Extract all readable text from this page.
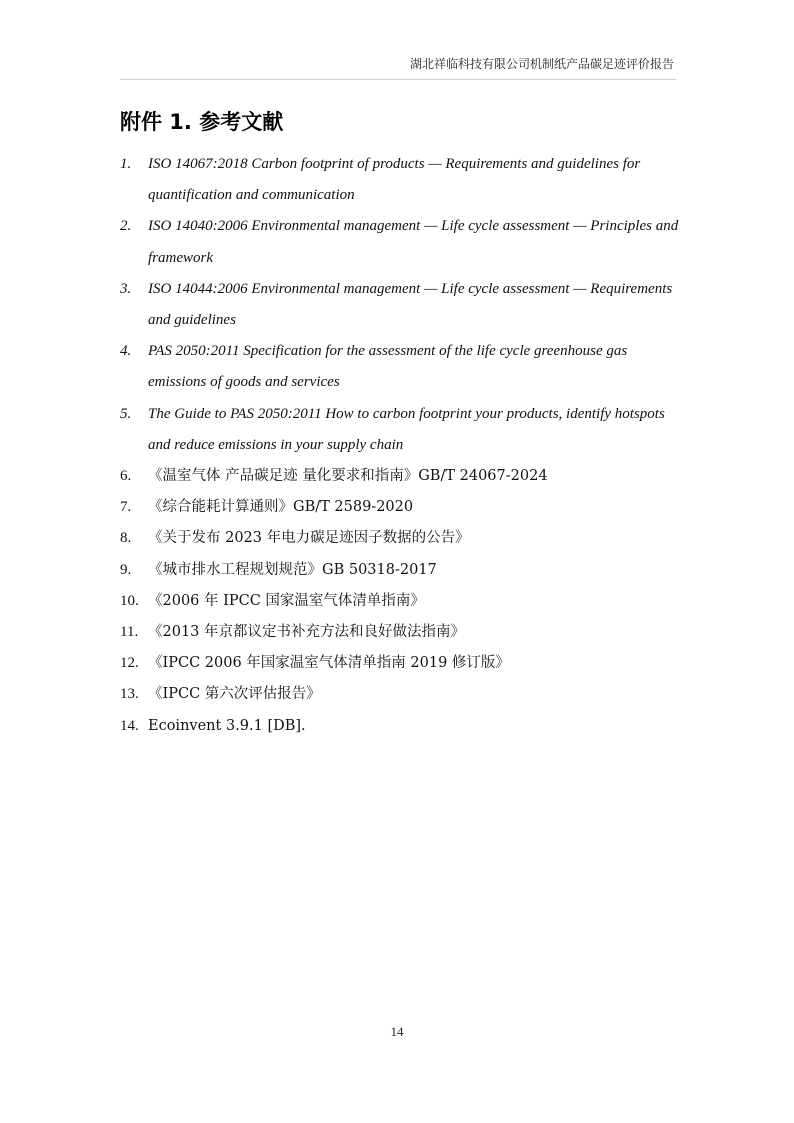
湖北祥临科技有限公司机制纸产品碳足迹评价报告
附件 1. 参考文献
1.	ISO 14067:2018 Carbon footprint of products — Requirements and guidelines for quantification and communication
2.	ISO 14040:2006 Environmental management — Life cycle assessment — Principles and framework
3.	ISO 14044:2006 Environmental management — Life cycle assessment — Requirements and guidelines
4.	PAS 2050:2011 Specification for the assessment of the life cycle greenhouse gas emissions of goods and services
5.	The Guide to PAS 2050:2011 How to carbon footprint your products, identify hotspots and reduce emissions in your supply chain
6.	《温室气体 产品碳足迹 量化要求和指南》GB/T 24067-2024
7.	《综合能耗计算通则》GB/T 2589-2020
8.	《关于发布 2023 年电力碳足迹因子数据的公告》
9.	《城市排水工程规划规范》GB 50318-2017
10. 《2006 年 IPCC 国家温室气体清单指南》
11. 《2013 年京都议定书补充方法和良好做法指南》
12. 《IPCC 2006 年国家温室气体清单指南 2019 修订版》
13. 《IPCC 第六次评估报告》
14. Ecoinvent 3.9.1 [DB].
14
